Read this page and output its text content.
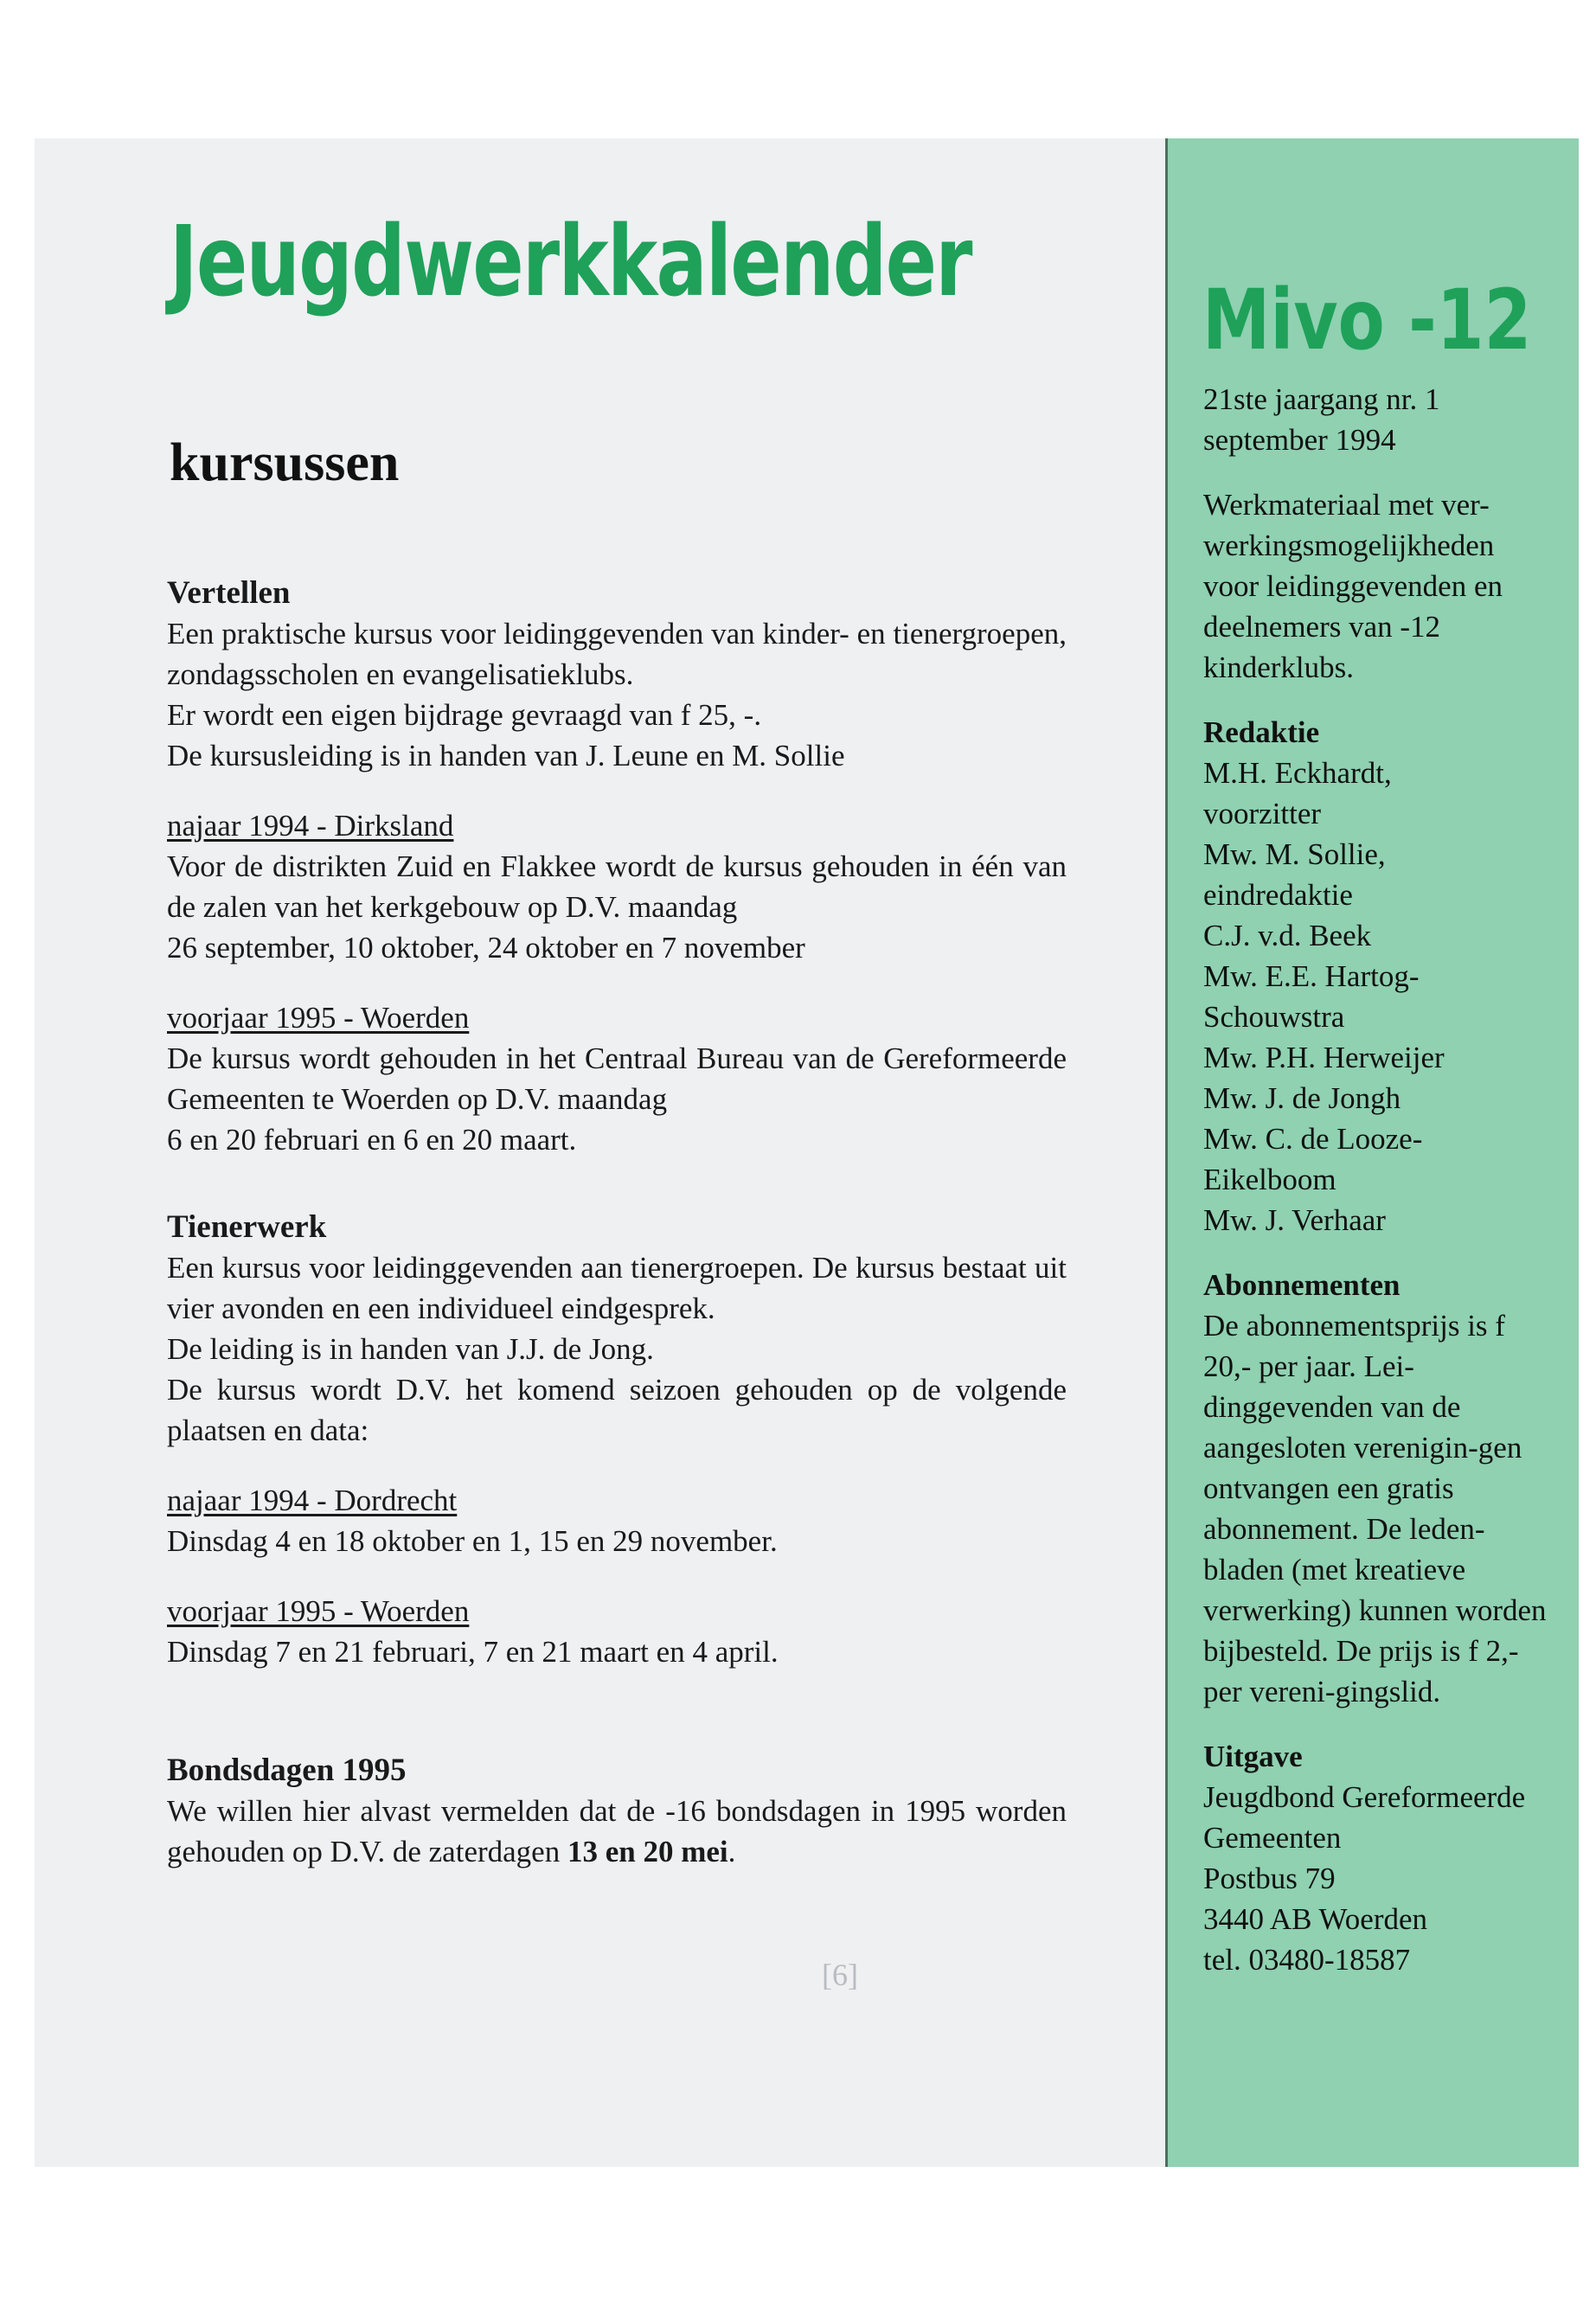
Jeugdwerkkalender
Mivo -12
kursussen
Vertellen

Een praktische kursus voor leidinggevenden van kinder- en tienergroepen, zondagsscholen en evangelisatieklubs.

Er wordt een eigen bijdrage gevraagd van f 25, -.

De kursusleiding is in handen van J. Leune en M. Sollie

najaar 1994 - Dirksland

Voor de distrikten Zuid en Flakkee wordt de kursus gehouden in één van de zalen van het kerkgebouw op D.V. maandag

26 september, 10 oktober, 24 oktober en 7 november

voorjaar 1995 - Woerden

De kursus wordt gehouden in het Centraal Bureau van de Gereformeerde Gemeenten te Woerden op D.V. maandag

6 en 20 februari en 6 en 20 maart.

Tienerwerk

Een kursus voor leidinggevenden aan tienergroepen. De kursus bestaat uit vier avonden en een individueel eindgesprek.

De leiding is in handen van J.J. de Jong.

De kursus wordt D.V. het komend seizoen gehouden op de volgende plaatsen en data:

najaar 1994 - Dordrecht

Dinsdag 4 en 18 oktober en 1, 15 en 29 november.

voorjaar 1995 - Woerden

Dinsdag 7 en 21 februari, 7 en 21 maart en 4 april.

Bondsdagen 1995

We willen hier alvast vermelden dat de -16 bondsdagen in 1995 worden gehouden op D.V. de zaterdagen 13 en 20 mei.

[6]

21ste jaargang nr. 1

september 1994

Werkmateriaal met ver-werkingsmogelijkheden voor leidinggevenden en deelnemers van -12 kinderklubs.

Redaktie

M.H. Eckhardt,

voorzitter

Mw. M. Sollie,

eindredaktie

C.J. v.d. Beek

Mw. E.E. Hartog-Schouwstra

Mw. P.H. Herweijer

Mw. J. de Jongh

Mw. C. de Looze-Eikelboom

Mw. J. Verhaar

Abonnementen

De abonnementsprijs is f 20,- per jaar. Lei-dinggevenden van de aangesloten verenigin-gen ontvangen een gratis abonnement. De leden-bladen (met kreatieve verwerking) kunnen worden bijbesteld. De prijs is f 2,- per vereni-gingslid.

Uitgave

Jeugdbond Gereformeerde

Gemeenten

Postbus 79

3440 AB Woerden

tel. 03480-18587
